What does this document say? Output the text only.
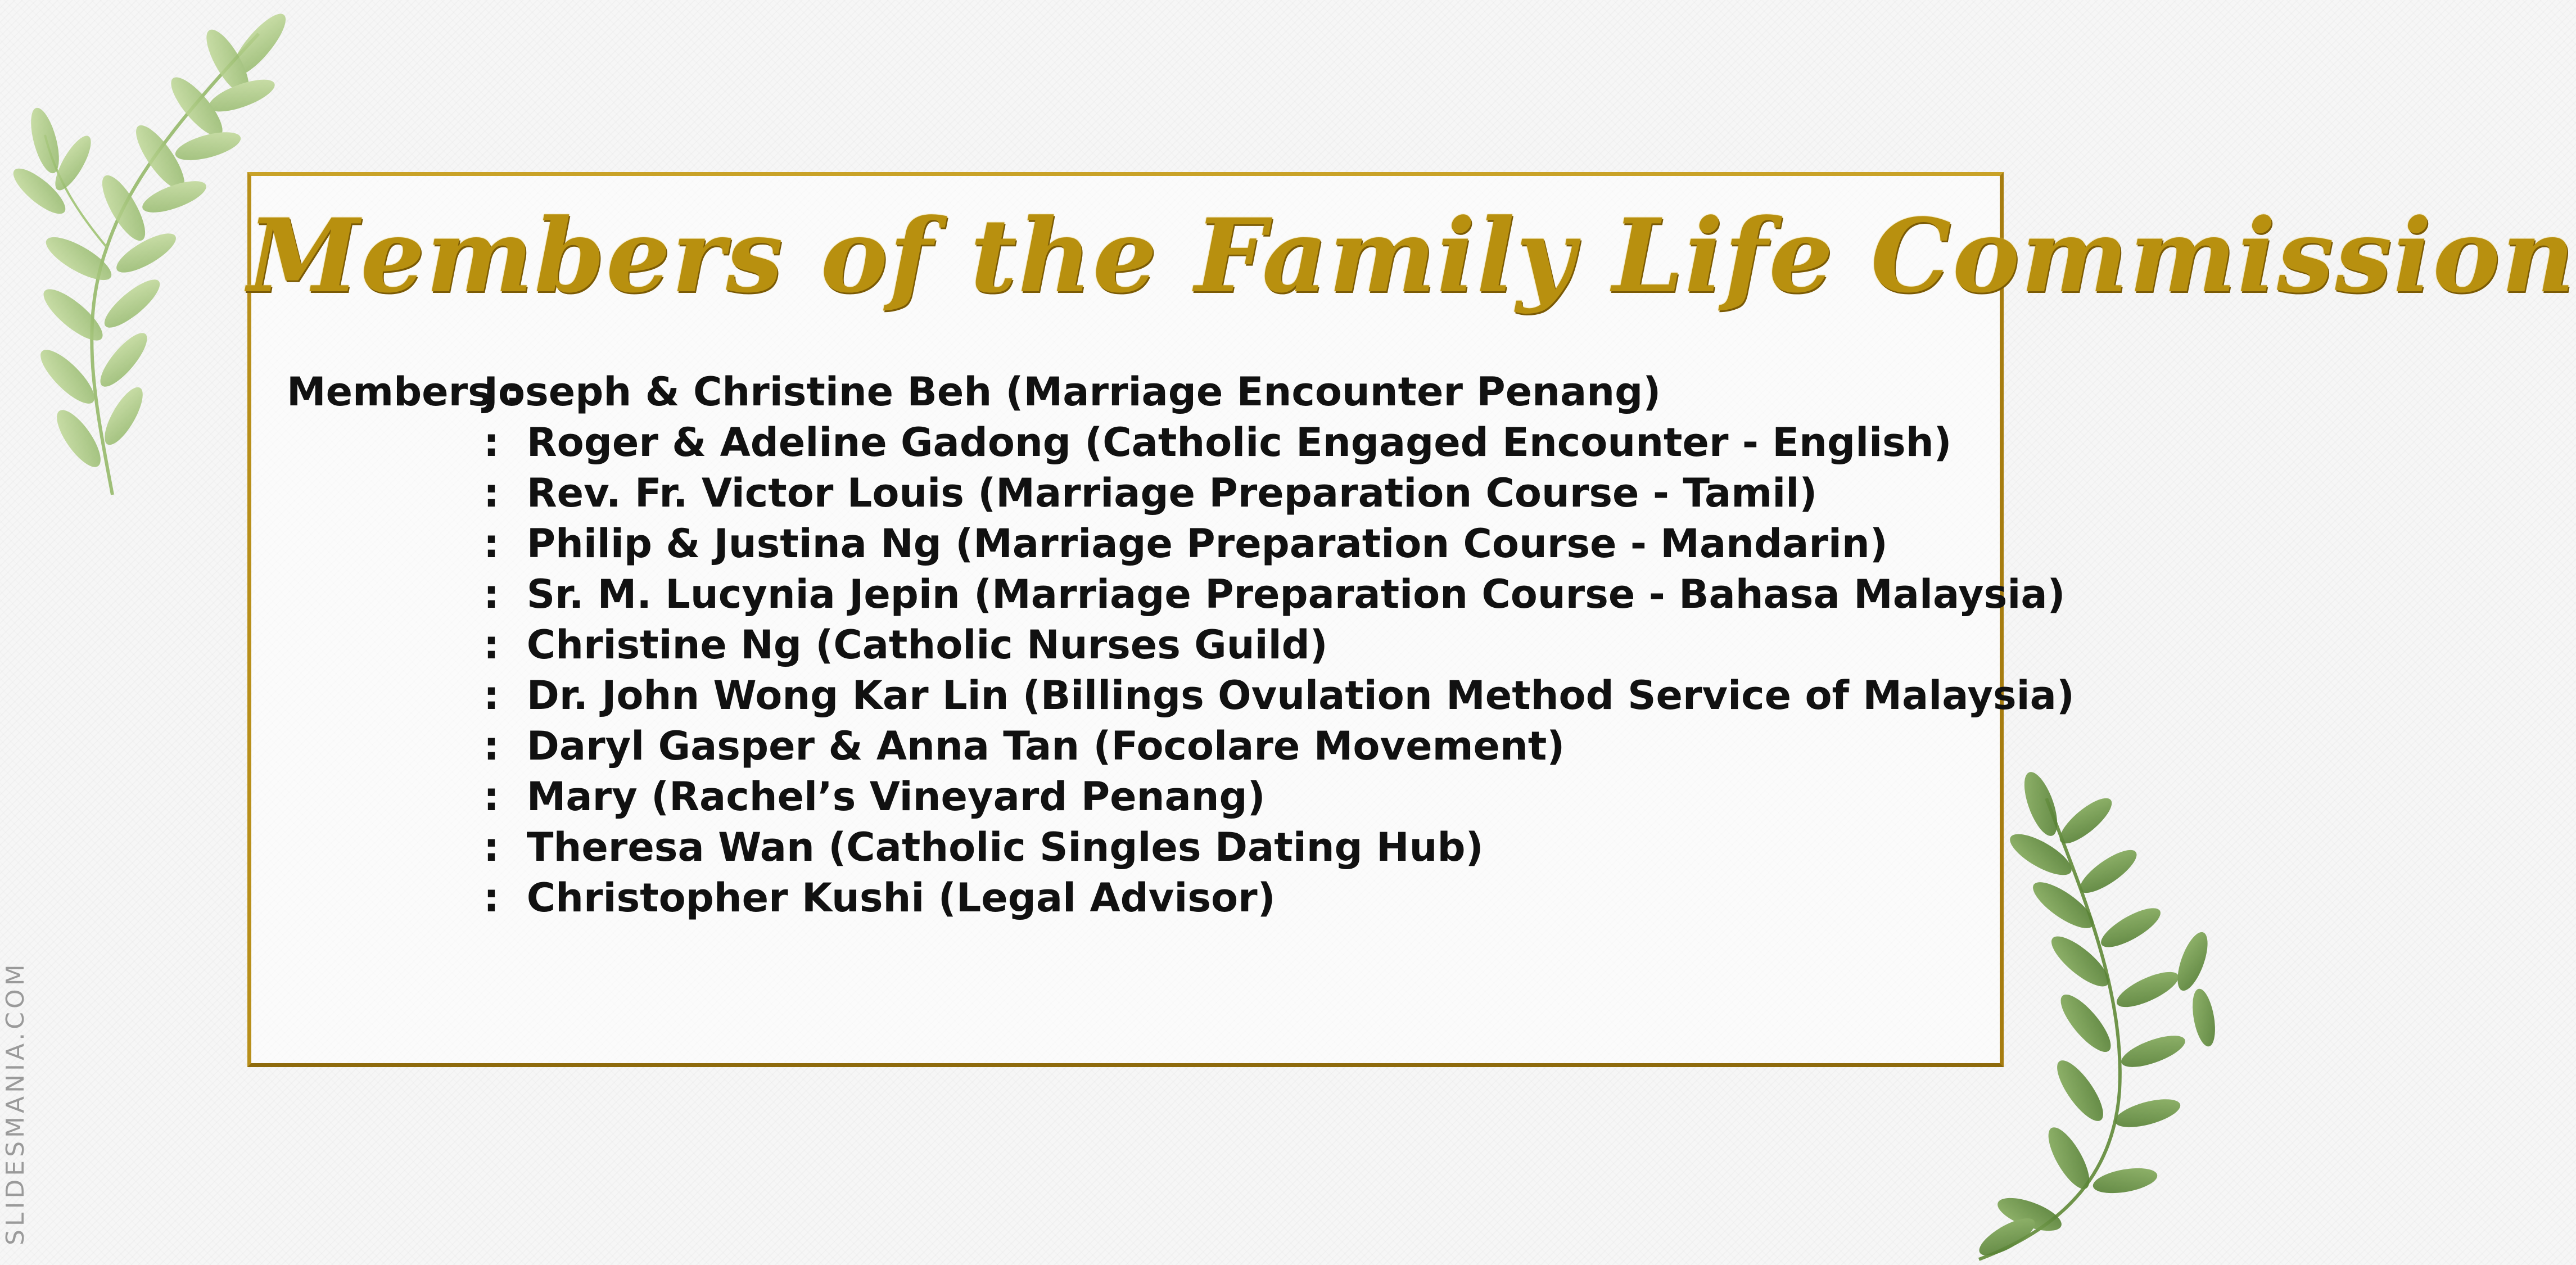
Members of the Family Life Commission
Members :
Joseph & Christine Beh (Marriage Encounter Penang)
: Roger & Adeline Gadong (Catholic Engaged Encounter - English)
: Rev. Fr. Victor Louis (Marriage Preparation Course - Tamil)
: Philip & Justina Ng (Marriage Preparation Course - Mandarin)
: Sr. M. Lucynia Jepin (Marriage Preparation Course - Bahasa Malaysia)
: Christine Ng (Catholic Nurses Guild)
: Dr. John Wong Kar Lin (Billings Ovulation Method Service of Malaysia)
: Daryl Gasper & Anna Tan (Focolare Movement)
: Mary (Rachel’s Vineyard Penang)
: Theresa Wan (Catholic Singles Dating Hub)
: Christopher Kushi (Legal Advisor)
SLIDESMANIA.COM
